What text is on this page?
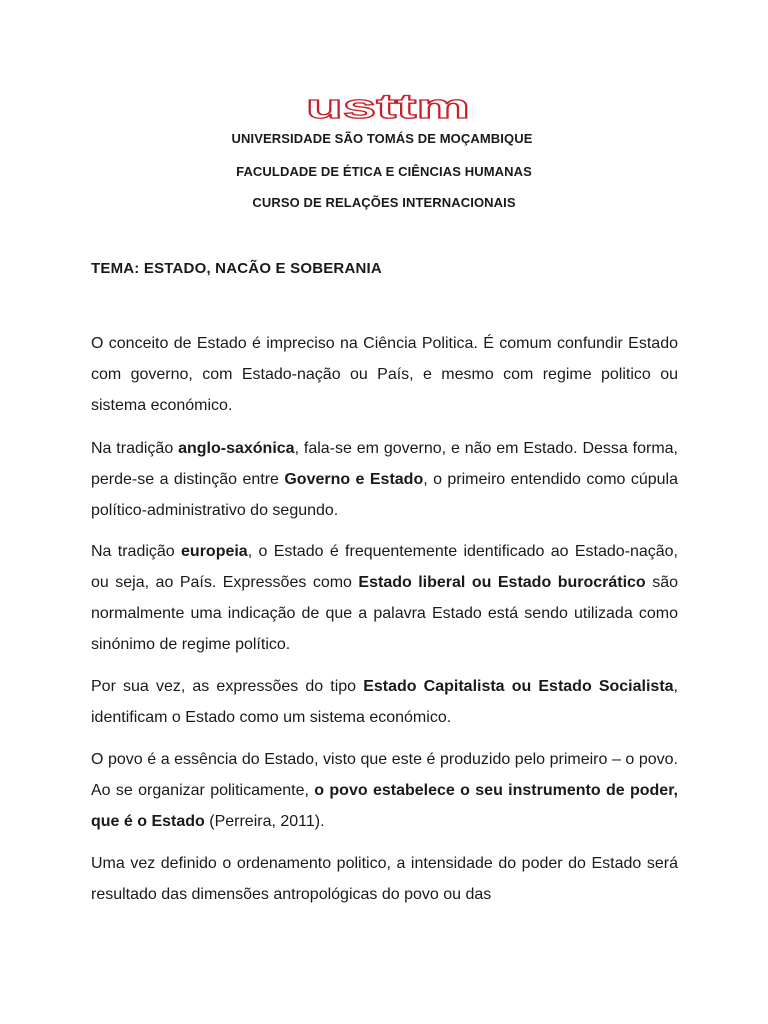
usttm
UNIVERSIDADE SÃO TOMÁS DE MOÇAMBIQUE
FACULDADE DE ÉTICA E CIÊNCIAS HUMANAS
CURSO DE RELAÇÕES INTERNACIONAIS
TEMA: ESTADO, NACÃO E SOBERANIA

O conceito de Estado é impreciso na Ciência Politica. É comum confundir Estado com governo, com Estado-nação ou País, e mesmo com regime politico ou sistema económico.

Na tradição anglo-saxónica, fala-se em governo, e não em Estado. Dessa forma, perde-se a distinção entre Governo e Estado, o primeiro entendido como cúpula político-administrativo do segundo.

Na tradição europeia, o Estado é frequentemente identificado ao Estado-nação, ou seja, ao País. Expressões como Estado liberal ou Estado burocrático são normalmente uma indicação de que a palavra Estado está sendo utilizada como sinónimo de regime político.

Por sua vez, as expressões do tipo Estado Capitalista ou Estado Socialista, identificam o Estado como um sistema económico.

O povo é a essência do Estado, visto que este é produzido pelo primeiro – o povo. Ao se organizar politicamente, o povo estabelece o seu instrumento de poder, que é o Estado (Perreira, 2011).

Uma vez definido o ordenamento politico, a intensidade do poder do Estado será resultado das dimensões antropológicas do povo ou das
